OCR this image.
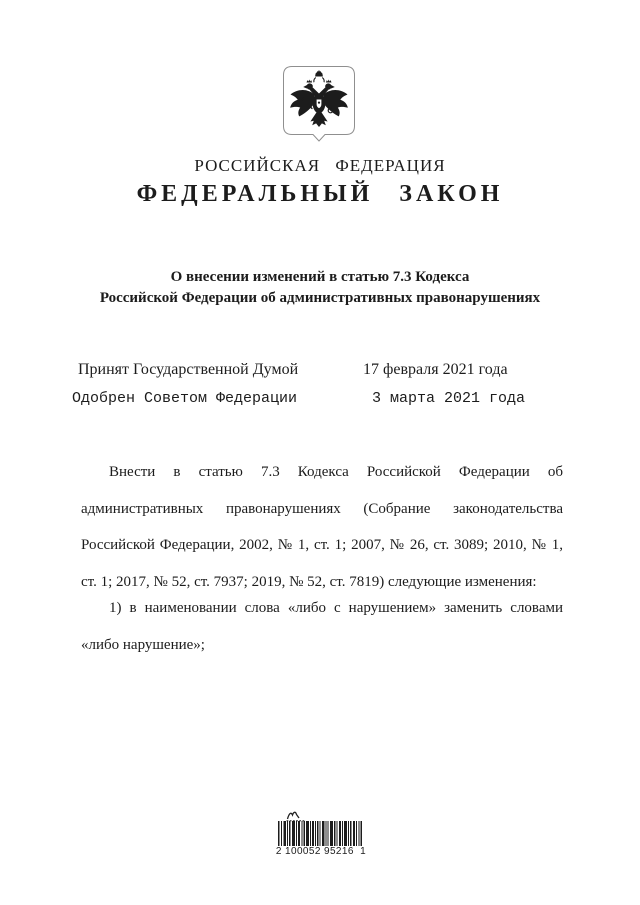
РОССИЙСКАЯ ФЕДЕРАЦИЯ
ФЕДЕРАЛЬНЫЙ ЗАКОН
О внесении изменений в статью 7.3 Кодекса
Российской Федерации об административных правонарушениях
Принят Государственной Думой	17 февраля 2021 года
Одобрен Советом Федерации	3 марта 2021 года
Внести в статью 7.3 Кодекса Российской Федерации об
административных правонарушениях (Собрание законодательства
Российской Федерации, 2002, № 1, ст. 1; 2007, № 26, ст. 3089; 2010, № 1,
ст. 1; 2017, № 52, ст. 7937; 2019, № 52, ст. 7819) следующие изменения:
1) в наименовании слова «либо с нарушением» заменить словами
«либо нарушение»;
2 100052 95216  1
